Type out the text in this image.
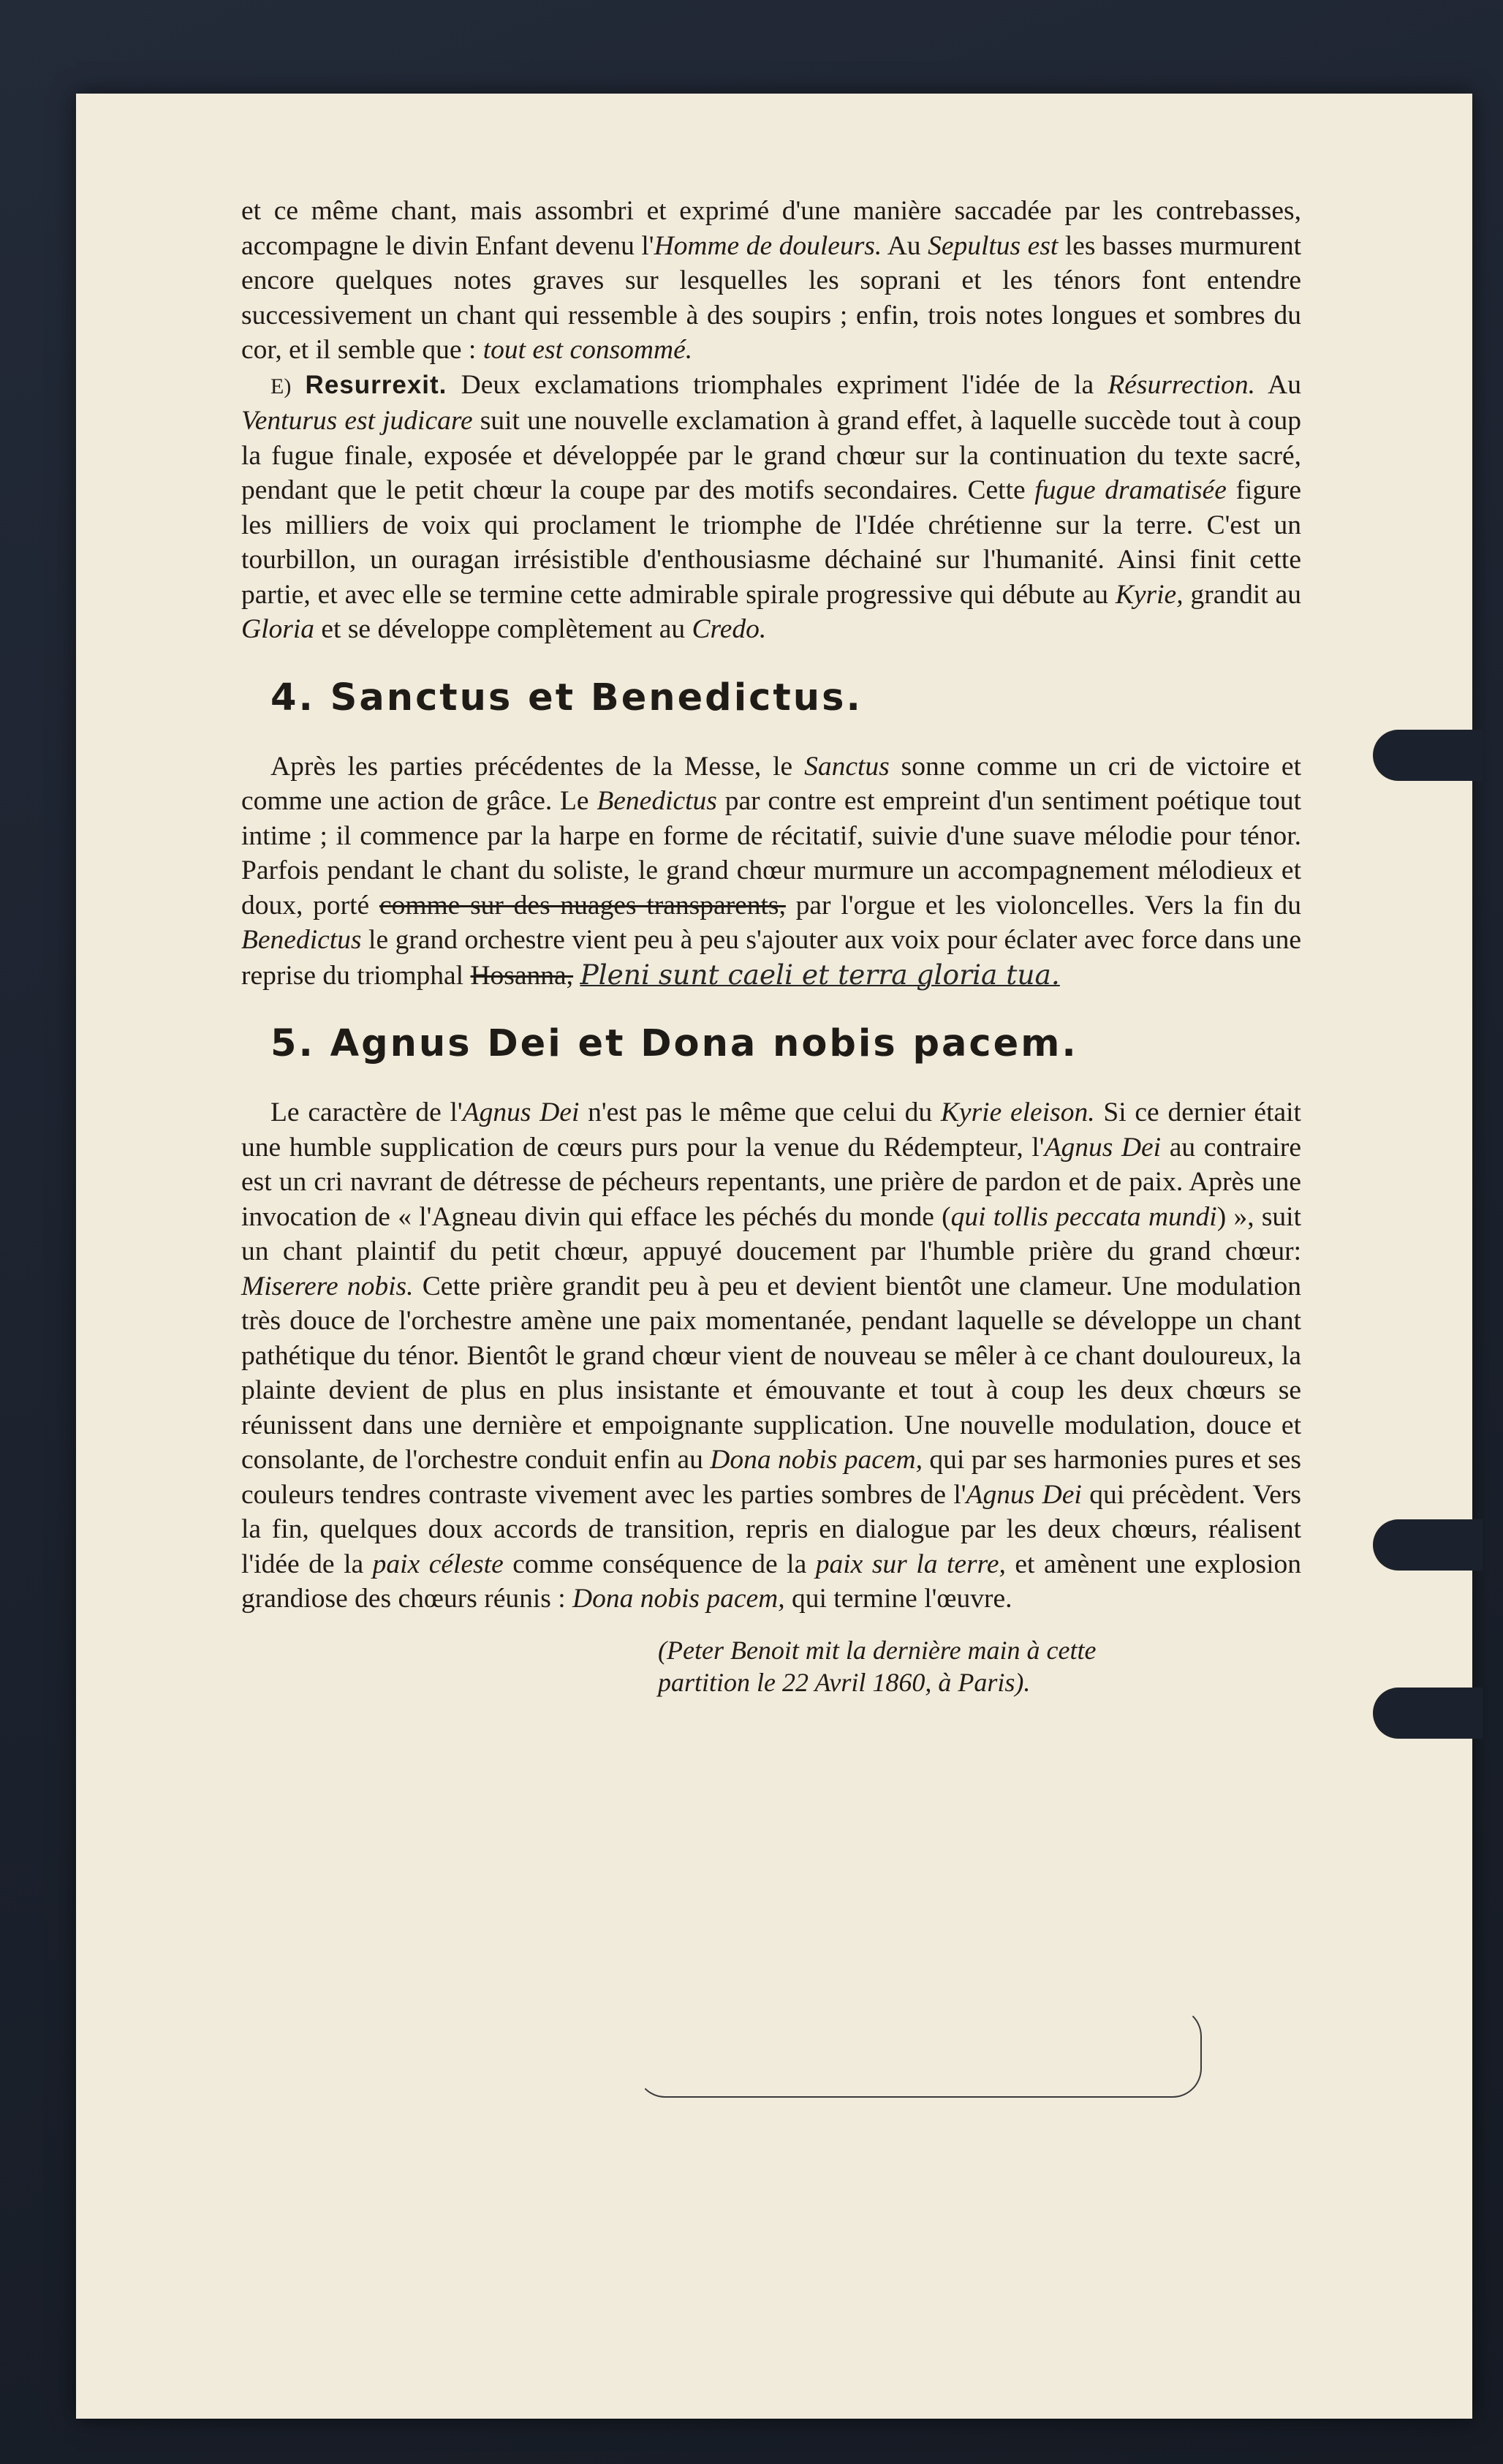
et ce même chant, mais assombri et exprimé d'une manière saccadée par les contrebasses, accompagne le divin Enfant devenu l'Homme de douleurs. Au Sepultus est les basses murmurent encore quelques notes graves sur lesquelles les soprani et les ténors font entendre successivement un chant qui ressemble à des soupirs ; enfin, trois notes longues et sombres du cor, et il semble que : tout est consommé.

E) Resurrexit. Deux exclamations triomphales expriment l'idée de la Résurrection. Au Venturus est judicare suit une nouvelle exclamation à grand effet, à laquelle succède tout à coup la fugue finale, exposée et développée par le grand chœur sur la continuation du texte sacré, pendant que le petit chœur la coupe par des motifs secondaires. Cette fugue dramatisée figure les milliers de voix qui proclament le triomphe de l'Idée chrétienne sur la terre. C'est un tourbillon, un ouragan irrésistible d'enthousiasme déchainé sur l'humanité. Ainsi finit cette partie, et avec elle se termine cette admirable spirale progressive qui débute au Kyrie, grandit au Gloria et se développe complètement au Credo.

4. Sanctus et Benedictus.

Après les parties précédentes de la Messe, le Sanctus sonne comme un cri de victoire et comme une action de grâce. Le Benedictus par contre est empreint d'un sentiment poétique tout intime ; il commence par la harpe en forme de récitatif, suivie d'une suave mélodie pour ténor. Parfois pendant le chant du soliste, le grand chœur murmure un accompagnement mélodieux et doux, porté comme sur des nuages transparents, par l'orgue et les violoncelles. Vers la fin du Benedictus le grand orchestre vient peu à peu s'ajouter aux voix pour éclater avec force dans une reprise du triomphal Hosanna, Pleni sunt caeli et terra gloria tua.

5. Agnus Dei et Dona nobis pacem.

Le caractère de l'Agnus Dei n'est pas le même que celui du Kyrie eleison. Si ce dernier était une humble supplication de cœurs purs pour la venue du Rédempteur, l'Agnus Dei au contraire est un cri navrant de détresse de pécheurs repentants, une prière de pardon et de paix. Après une invocation de « l'Agneau divin qui efface les péchés du monde (qui tollis peccata mundi) », suit un chant plaintif du petit chœur, appuyé doucement par l'humble prière du grand chœur: Miserere nobis. Cette prière grandit peu à peu et devient bientôt une clameur. Une modulation très douce de l'orchestre amène une paix momentanée, pendant laquelle se développe un chant pathétique du ténor. Bientôt le grand chœur vient de nouveau se mêler à ce chant douloureux, la plainte devient de plus en plus insistante et émouvante et tout à coup les deux chœurs se réunissent dans une dernière et empoignante supplication. Une nouvelle modulation, douce et consolante, de l'orchestre conduit enfin au Dona nobis pacem, qui par ses harmonies pures et ses couleurs tendres contraste vivement avec les parties sombres de l'Agnus Dei qui précèdent. Vers la fin, quelques doux accords de transition, repris en dialogue par les deux chœurs, réalisent l'idée de la paix céleste comme conséquence de la paix sur la terre, et amènent une explosion grandiose des chœurs réunis : Dona nobis pacem, qui termine l'œuvre.

(Peter Benoit mit la dernière main à cette
partition le 22 Avril 1860, à Paris).
